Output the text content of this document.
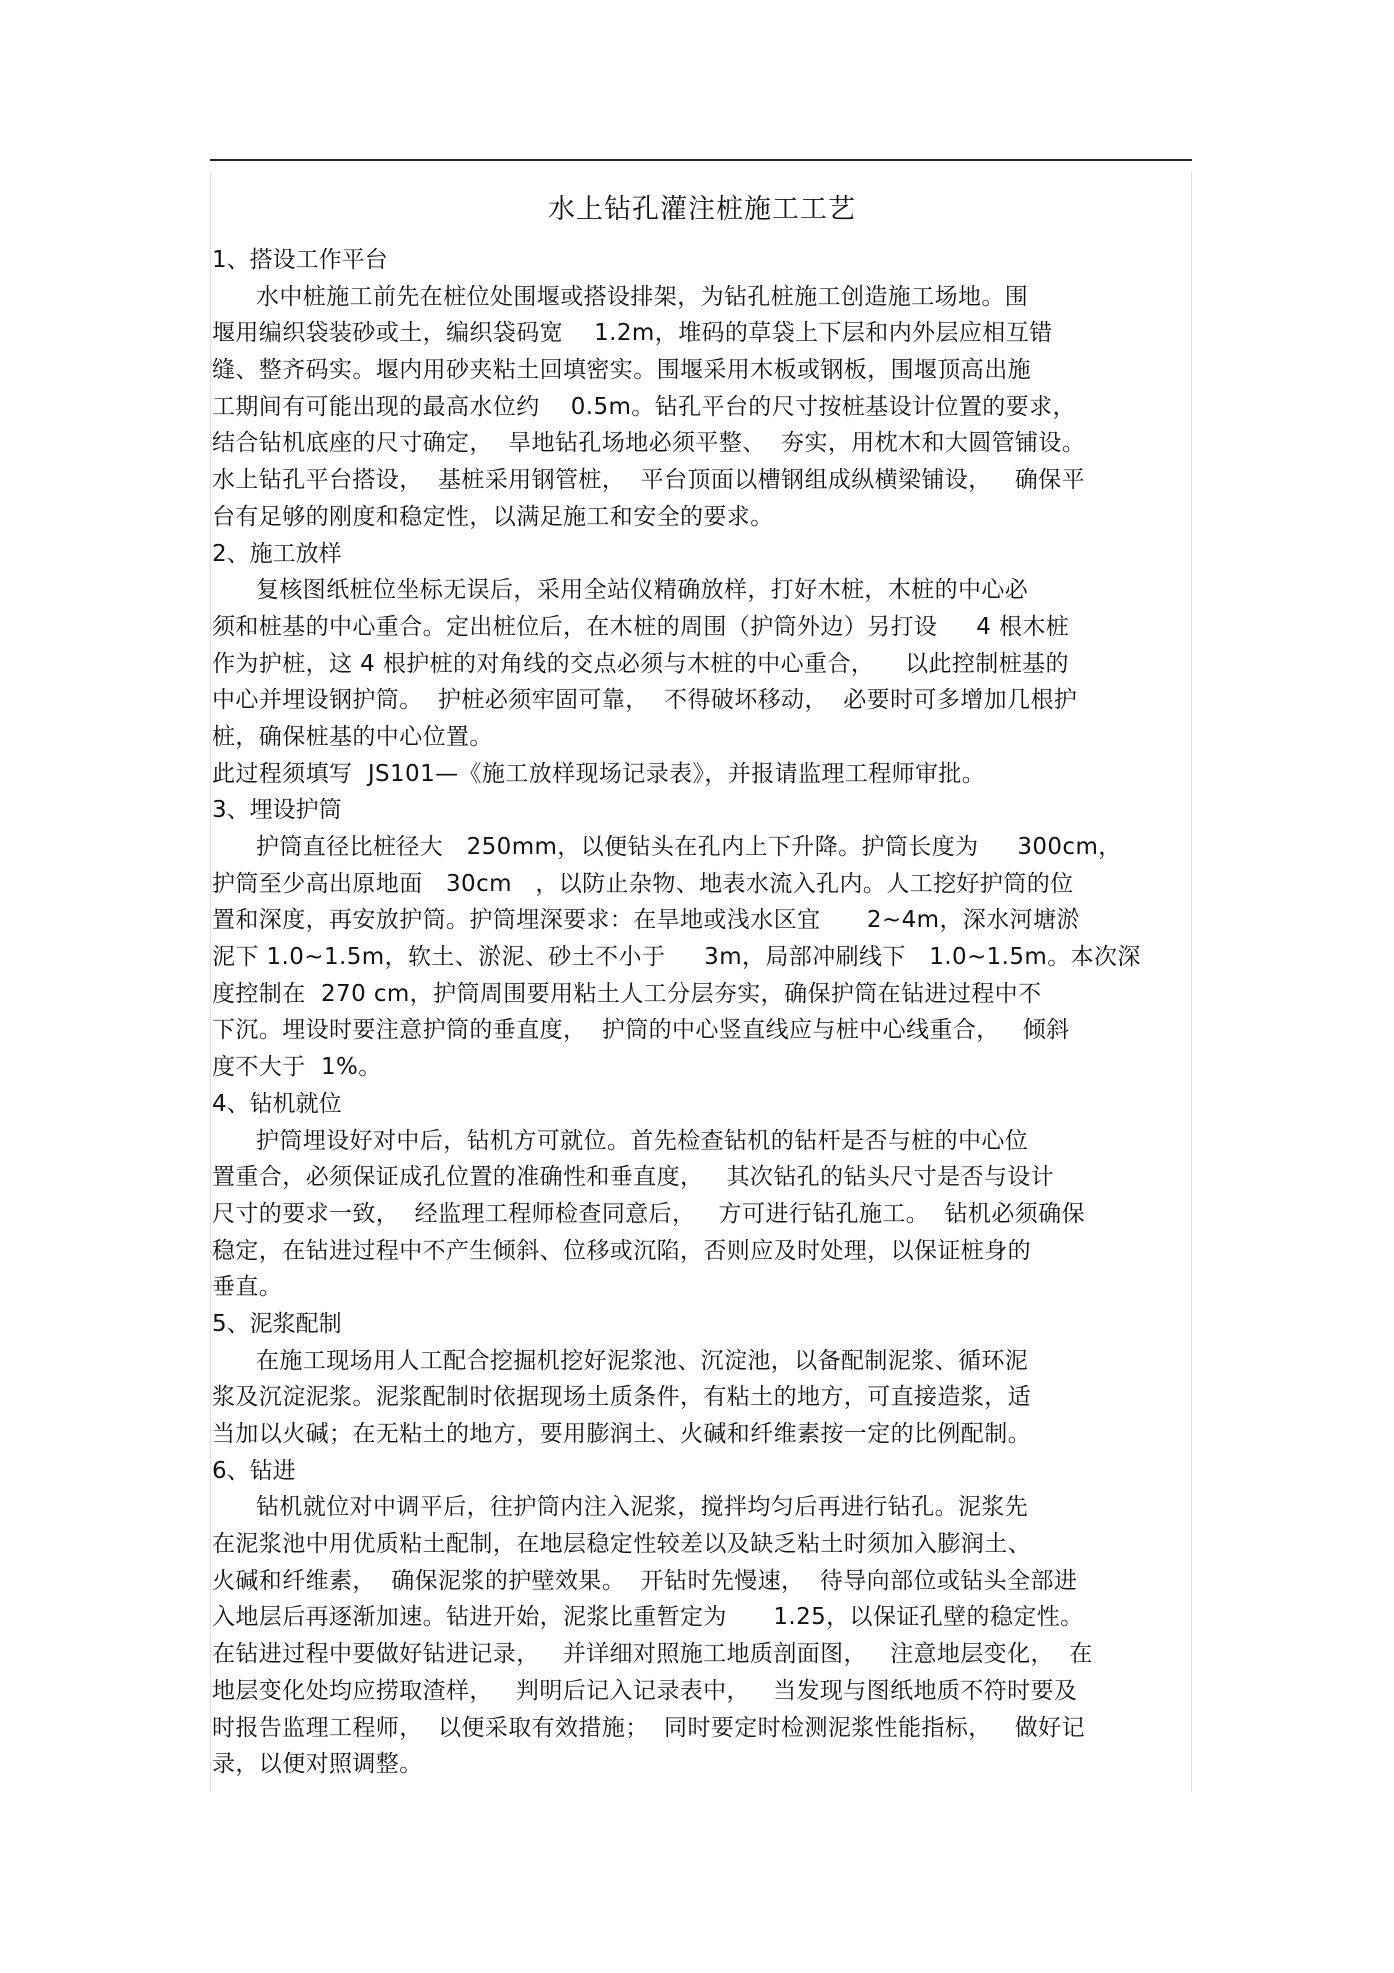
水上钻孔灌注桩施工工艺
1、搭设工作平台
水中桩施工前先在桩位处围堰或搭设排架，为钻孔桩施工创造施工场地。围
堰用编织袋装砂或土，编织袋码宽　 1.2m，堆码的草袋上下层和内外层应相互错
缝、整齐码实。堰内用砂夹粘土回填密实。围堰采用木板或钢板，围堰顶高出施
工期间有可能出现的最高水位约　 0.5m。钻孔平台的尺寸按桩基设计位置的要求，
结合钻机底座的尺寸确定，  旱地钻孔场地必须平整、  夯实，用枕木和大圆管铺设。
水上钻孔平台搭设，  基桩采用钢管桩，  平台顶面以槽钢组成纵横梁铺设，   确保平
台有足够的刚度和稳定性，以满足施工和安全的要求。
2、施工放样
复核图纸桩位坐标无误后，采用全站仪精确放样，打好木桩，木桩的中心必
须和桩基的中心重合。定出桩位后，在木桩的周围（护筒外边）另打设　  4 根木桩
作为护桩，这 4 根护桩的对角线的交点必须与木桩的中心重合，    以此控制桩基的
中心并埋设钢护筒。  护桩必须牢固可靠，  不得破坏移动，  必要时可多增加几根护
桩，确保桩基的中心位置。
此过程须填写  JS101—《施工放样现场记录表》，并报请监理工程师审批。
3、埋设护筒
护筒直径比桩径大　250mm，以便钻头在孔内上下升降。护筒长度为　  300cm，
护筒至少高出原地面　30cm　，以防止杂物、地表水流入孔内。人工挖好护筒的位
置和深度，再安放护筒。护筒埋深要求：在旱地或浅水区宜　   2~4m，深水河塘淤
泥下 1.0~1.5m，软土、淤泥、砂土不小于　  3m，局部冲刷线下　1.0~1.5m。本次深
度控制在  270 cm，护筒周围要用粘土人工分层夯实，确保护筒在钻进过程中不
下沉。埋设时要注意护筒的垂直度，  护筒的中心竖直线应与桩中心线重合，   倾斜
度不大于  1%。
4、钻机就位
护筒埋设好对中后，钻机方可就位。首先检查钻机的钻杆是否与桩的中心位
置重合，必须保证成孔位置的准确性和垂直度，   其次钻孔的钻头尺寸是否与设计
尺寸的要求一致，  经监理工程师检查同意后，   方可进行钻孔施工。  钻机必须确保
稳定，在钻进过程中不产生倾斜、位移或沉陷，否则应及时处理，以保证桩身的
垂直。
5、泥浆配制
在施工现场用人工配合挖掘机挖好泥浆池、沉淀池，以备配制泥浆、循环泥
浆及沉淀泥浆。泥浆配制时依据现场土质条件，有粘土的地方，可直接造浆，适
当加以火碱；在无粘土的地方，要用膨润土、火碱和纤维素按一定的比例配制。
6、钻进
钻机就位对中调平后，往护筒内注入泥浆，搅拌均匀后再进行钻孔。泥浆先
在泥浆池中用优质粘土配制，在地层稳定性较差以及缺乏粘土时须加入膨润土、
火碱和纤维素，  确保泥浆的护壁效果。  开钻时先慢速，  待导向部位或钻头全部进
入地层后再逐渐加速。钻进开始，泥浆比重暂定为　   1.25，以保证孔壁的稳定性。
在钻进过程中要做好钻进记录，   并详细对照施工地质剖面图，   注意地层变化，  在
地层变化处均应捞取渣样，   判明后记入记录表中，   当发现与图纸地质不符时要及
时报告监理工程师，  以便采取有效措施；  同时要定时检测泥浆性能指标，   做好记
录，以便对照调整。
